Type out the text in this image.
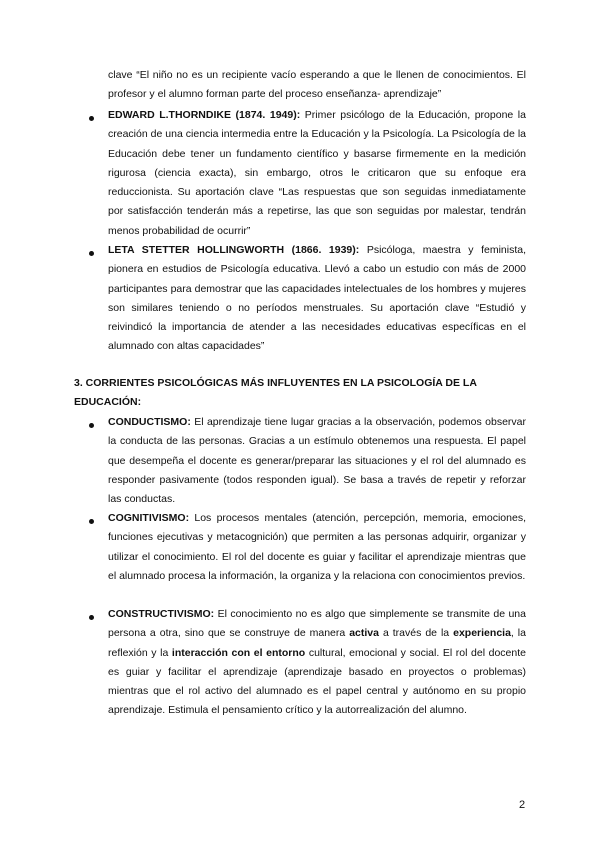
clave “El niño no es un recipiente vacío esperando a que le llenen de conocimientos. El profesor y el alumno forman parte del proceso enseñanza- aprendizaje”
EDWARD L.THORNDIKE (1874. 1949): Primer psicólogo de la Educación, propone la creación de una ciencia intermedia entre la Educación y la Psicología. La Psicología de la Educación debe tener un fundamento científico y basarse firmemente en la medición rigurosa (ciencia exacta), sin embargo, otros le criticaron que su enfoque era reduccionista. Su aportación clave “Las respuestas que son seguidas inmediatamente por satisfacción tenderán más a repetirse, las que son seguidas por malestar, tendrán menos probabilidad de ocurrir”
LETA STETTER HOLLINGWORTH (1866. 1939): Psicóloga, maestra y feminista, pionera en estudios de Psicología educativa. Llevó a cabo un estudio con más de 2000 participantes para demostrar que las capacidades intelectuales de los hombres y mujeres son similares teniendo o no períodos menstruales. Su aportación clave “Estudió y reivindicó la importancia de atender a las necesidades educativas específicas en el alumnado con altas capacidades”
3. CORRIENTES PSICOLÓGICAS MÁS INFLUYENTES EN LA PSICOLOGÍA DE LA EDUCACIÓN:
CONDUCTISMO: El aprendizaje tiene lugar gracias a la observación, podemos observar la conducta de las personas. Gracias a un estímulo obtenemos una respuesta. El papel que desempeña el docente es generar/preparar las situaciones y el rol del alumnado es responder pasivamente (todos responden igual). Se basa a través de repetir y reforzar las conductas.
COGNITIVISMO: Los procesos mentales (atención, percepción, memoria, emociones, funciones ejecutivas y metacognición) que permiten a las personas adquirir, organizar y utilizar el conocimiento. El rol del docente es guiar y facilitar el aprendizaje mientras que el alumnado procesa la información, la organiza y la relaciona con conocimientos previos.
CONSTRUCTIVISMO: El conocimiento no es algo que simplemente se transmite de una persona a otra, sino que se construye de manera activa a través de la experiencia, la reflexión y la interacción con el entorno cultural, emocional y social. El rol del docente es guiar y facilitar el aprendizaje (aprendizaje basado en proyectos o problemas) mientras que el rol activo del alumnado es el papel central y autónomo en su propio aprendizaje. Estimula el pensamiento crítico y la autorrealización del alumno.
2
